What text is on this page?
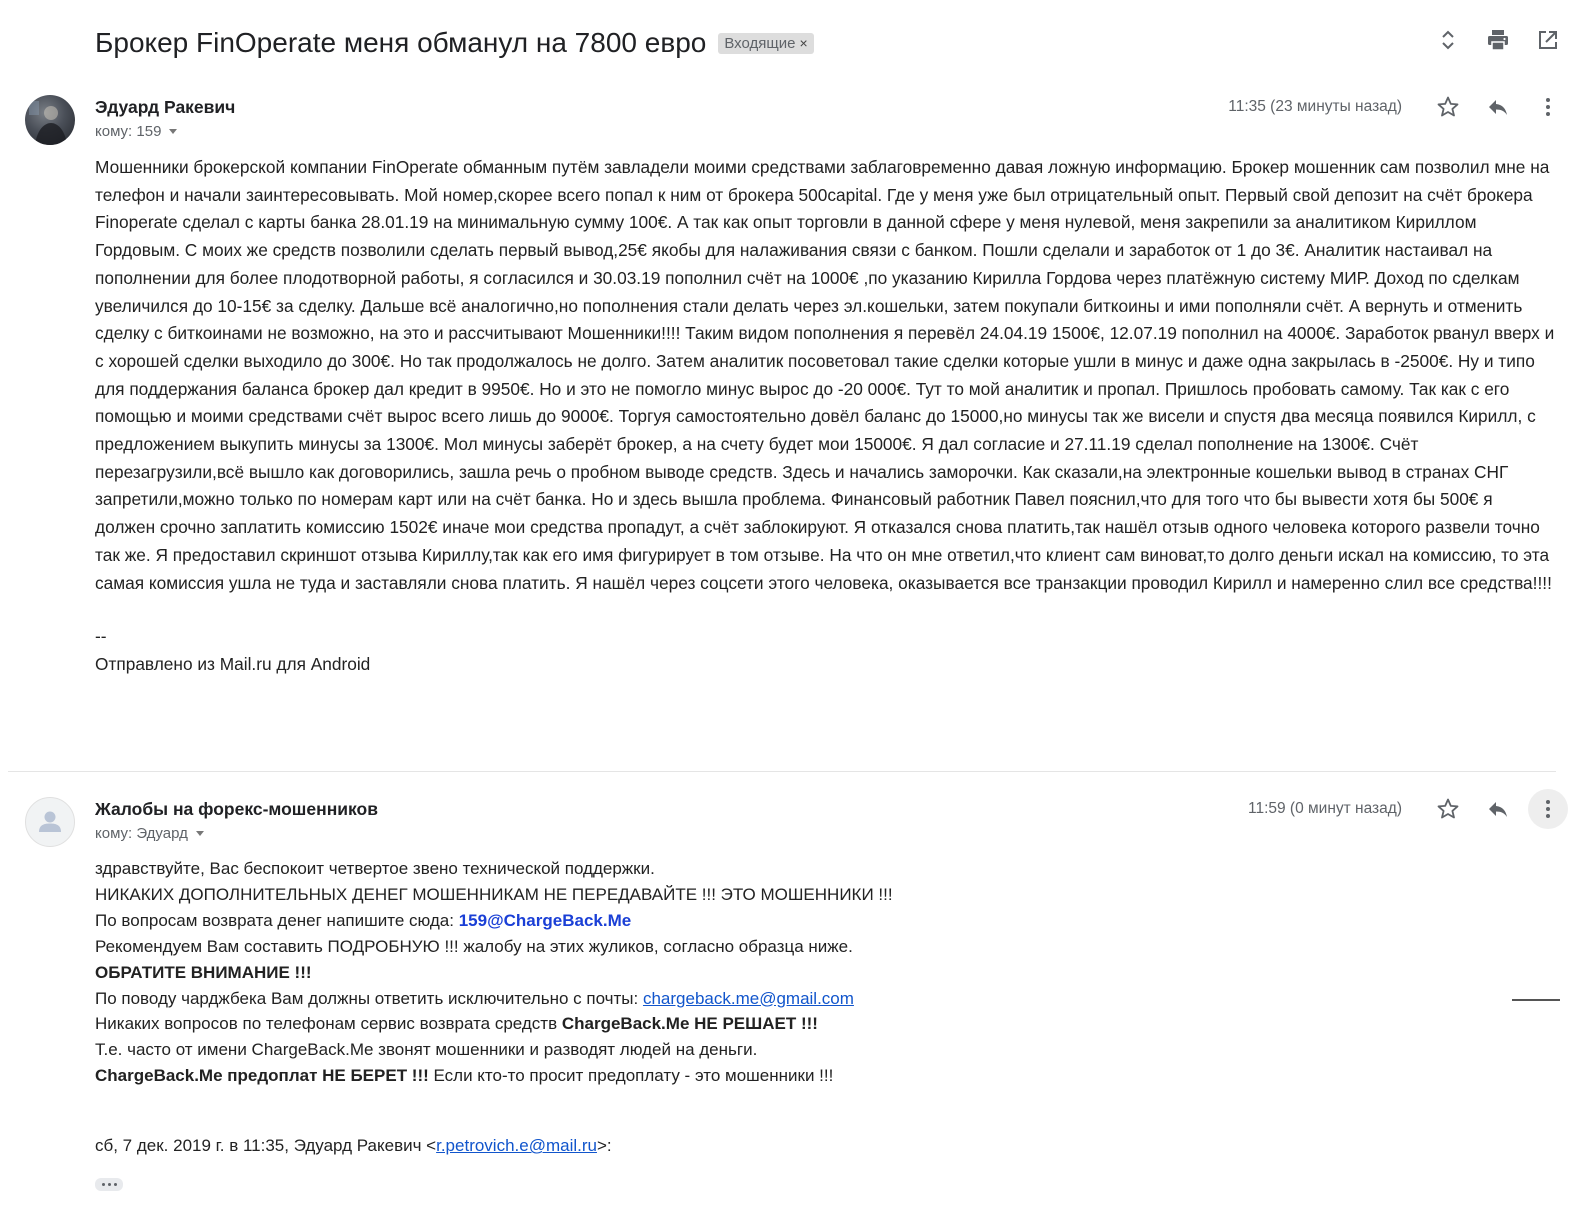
Брокер FinOperate меня обманул на 7800 евро Входящие ×
Эдуард Ракевич
кому: 159
11:35 (23 минуты назад)

Мошенники брокерской компании FinOperate обманным путём завладели моими средствами заблаговременно давая ложную информацию. Брокер мошенник сам позволил мне на телефон и начали заинтересовывать. Мой номер,скорее всего попал к ним от брокера 500capital. Где у меня уже был отрицательный опыт. Первый свой депозит на счёт брокера Finoperate сделал с карты банка 28.01.19 на минимальную сумму 100€. А так как опыт торговли в данной сфере у меня нулевой, меня закрепили за аналитиком Кириллом Гордовым. С моих же средств позволили сделать первый вывод,25€ якобы для налаживания связи с банком. Пошли сделали и заработок от 1 до 3€. Аналитик настаивал на пополнении для более плодотворной работы, я согласился и 30.03.19 пополнил счёт на 1000€ ,по указанию Кирилла Гордова через платёжную систему МИР. Доход по сделкам увеличился до 10-15€ за сделку. Дальше всё аналогично,но пополнения стали делать через эл.кошельки, затем покупали биткоины и ими пополняли счёт. А вернуть и отменить сделку с биткоинами не возможно, на это и рассчитывают Мошенники!!!! Таким видом пополнения я перевёл 24.04.19 1500€, 12.07.19 пополнил на 4000€. Заработок рванул вверх и с хорошей сделки выходило до 300€. Но так продолжалось не долго. Затем аналитик посоветовал такие сделки которые ушли в минус и даже одна закрылась в -2500€. Ну и типо для поддержания баланса брокер дал кредит в 9950€. Но и это не помогло минус вырос до -20 000€. Тут то мой аналитик и пропал. Пришлось пробовать самому. Так как с его помощью и моими средствами счёт вырос всего лишь до 9000€. Торгуя самостоятельно довёл баланс до 15000,но минусы так же висели и спустя два месяца появился Кирилл, с предложением выкупить минусы за 1300€. Мол минусы заберёт брокер, а на счету будет мои 15000€. Я дал согласие и 27.11.19 сделал пополнение на 1300€. Счёт перезагрузили,всё вышло как договорились, зашла речь о пробном выводе средств. Здесь и начались заморочки. Как сказали,на электронные кошельки вывод в странах СНГ запретили,можно только по номерам карт или на счёт банка. Но и здесь вышла проблема. Финансовый работник Павел пояснил,что для того что бы вывести хотя бы 500€ я должен срочно заплатить комиссию 1502€ иначе мои средства пропадут, а счёт заблокируют. Я отказался снова платить,так нашёл отзыв одного человека которого развели точно так же. Я предоставил скриншот отзыва Кириллу,так как его имя фигурирует в том отзыве. На что он мне ответил,что клиент сам виноват,то долго деньги искал на комиссию, то эта самая комиссия ушла не туда и заставляли снова платить. Я нашёл через соцсети этого человека, оказывается все транзакции проводил Кирилл и намеренно слил все средства!!!!

--

Отправлено из Mail.ru для Android

Жалобы на форекс-мошенников
кому: Эдуард
11:59 (0 минут назад)

здравствуйте, Вас беспокоит четвертое звено технической поддержки.

НИКАКИХ ДОПОЛНИТЕЛЬНЫХ ДЕНЕГ МОШЕННИКАМ НЕ ПЕРЕДАВАЙТЕ !!! ЭТО МОШЕННИКИ !!!

По вопросам возврата денег напишите сюда: 159@ChargeBack.Me

Рекомендуем Вам составить ПОДРОБНУЮ !!! жалобу на этих жуликов, согласно образца ниже.

ОБРАТИТЕ ВНИМАНИЕ !!!

По поводу чарджбека Вам должны ответить исключительно с почты: chargeback.me@gmail.com

Никаких вопросов по телефонам сервис возврата средств ChargeBack.Me НЕ РЕШАЕТ !!!

Т.е. часто от имени ChargeBack.Me звонят мошенники и разводят людей на деньги.

ChargeBack.Me предоплат НЕ БЕРЕТ !!! Если кто-то просит предоплату - это мошенники !!!

сб, 7 дек. 2019 г. в 11:35, Эдуард Ракевич <r.petrovich.e@mail.ru>:
